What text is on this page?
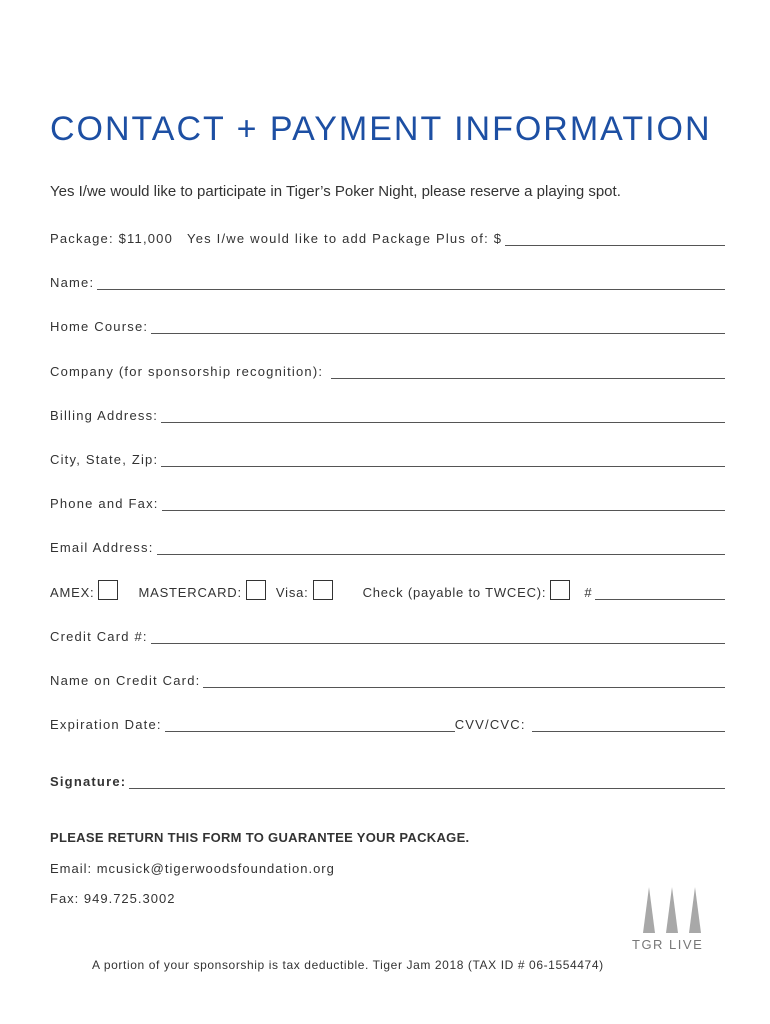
CONTACT + PAYMENT INFORMATION
Yes I/we would like to participate in Tiger’s Poker Night, please reserve a playing spot.
Package: $11,000 Yes I/we would like to add Package Plus of: $
Name:
Home Course:
Company (for sponsorship recognition):
Billing Address:
City, State, Zip:
Phone and Fax:
Email Address:
AMEX:	MASTERCARD:	Visa:	Check (payable to TWCEC):	#
Credit Card #:
Name on Credit Card:
Expiration Date:	CVV/CVC:
Signature:
PLEASE RETURN THIS FORM TO GUARANTEE YOUR PACKAGE.
Email: mcusick@tigerwoodsfoundation.org
Fax: 949.725.3002
A portion of your sponsorship is tax deductible. Tiger Jam 2018 (TAX ID # 06-1554474)
TGR LIVE
